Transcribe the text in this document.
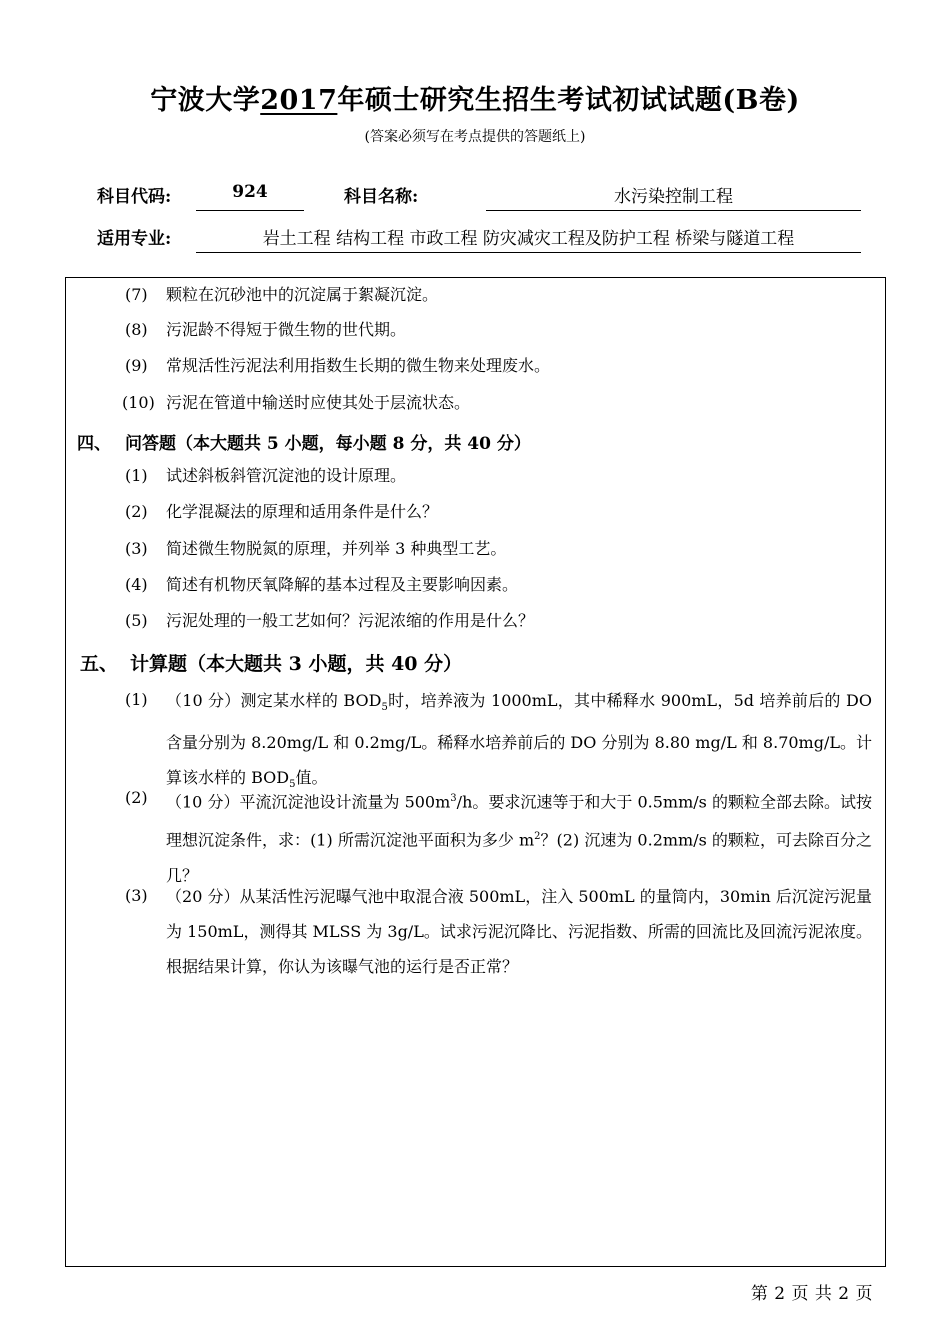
宁波大学2017年硕士研究生招生考试初试试题(B卷)
(答案必须写在考点提供的答题纸上)
科目代码:	924	科目名称:	水污染控制工程
适用专业:	岩土工程 结构工程 市政工程 防灾减灾工程及防护工程 桥梁与隧道工程
(7) 颗粒在沉砂池中的沉淀属于絮凝沉淀。
(8) 污泥龄不得短于微生物的世代期。
(9) 常规活性污泥法利用指数生长期的微生物来处理废水。
(10) 污泥在管道中输送时应使其处于层流状态。
四、 问答题（本大题共 5 小题，每小题 8 分，共 40 分）
(1) 试述斜板斜管沉淀池的设计原理。
(2) 化学混凝法的原理和适用条件是什么？
(3) 简述微生物脱氮的原理，并列举 3 种典型工艺。
(4) 简述有机物厌氧降解的基本过程及主要影响因素。
(5) 污泥处理的一般工艺如何？污泥浓缩的作用是什么？
五、 计算题（本大题共 3 小题，共 40 分）
(1) （10 分）测定某水样的 $BOD_5$时，培养液为 1000mL，其中稀释水 900mL，5d 培养前后的 DO 含量分别为 8.20mg/L 和 0.2mg/L。稀释水培养前后的 DO 分别为 8.80 mg/L 和 8.70mg/L。计算该水样的 $BOD_5$值。
(2) （10 分）平流沉淀池设计流量为 $500m^3/h$。要求沉速等于和大于 0.5mm/s 的颗粒全部去除。试按理想沉淀条件，求：(1) 所需沉淀池平面积为多少 $m^2$？(2) 沉速为 0.2mm/s 的颗粒，可去除百分之几？
(3) （20 分）从某活性污泥曝气池中取混合液 500mL，注入 500mL 的量筒内，30min 后沉淀污泥量为 150mL，测得其 MLSS 为 3g/L。试求污泥沉降比、污泥指数、所需的回流比及回流污泥浓度。根据结果计算，你认为该曝气池的运行是否正常？
第 2 页 共 2 页
